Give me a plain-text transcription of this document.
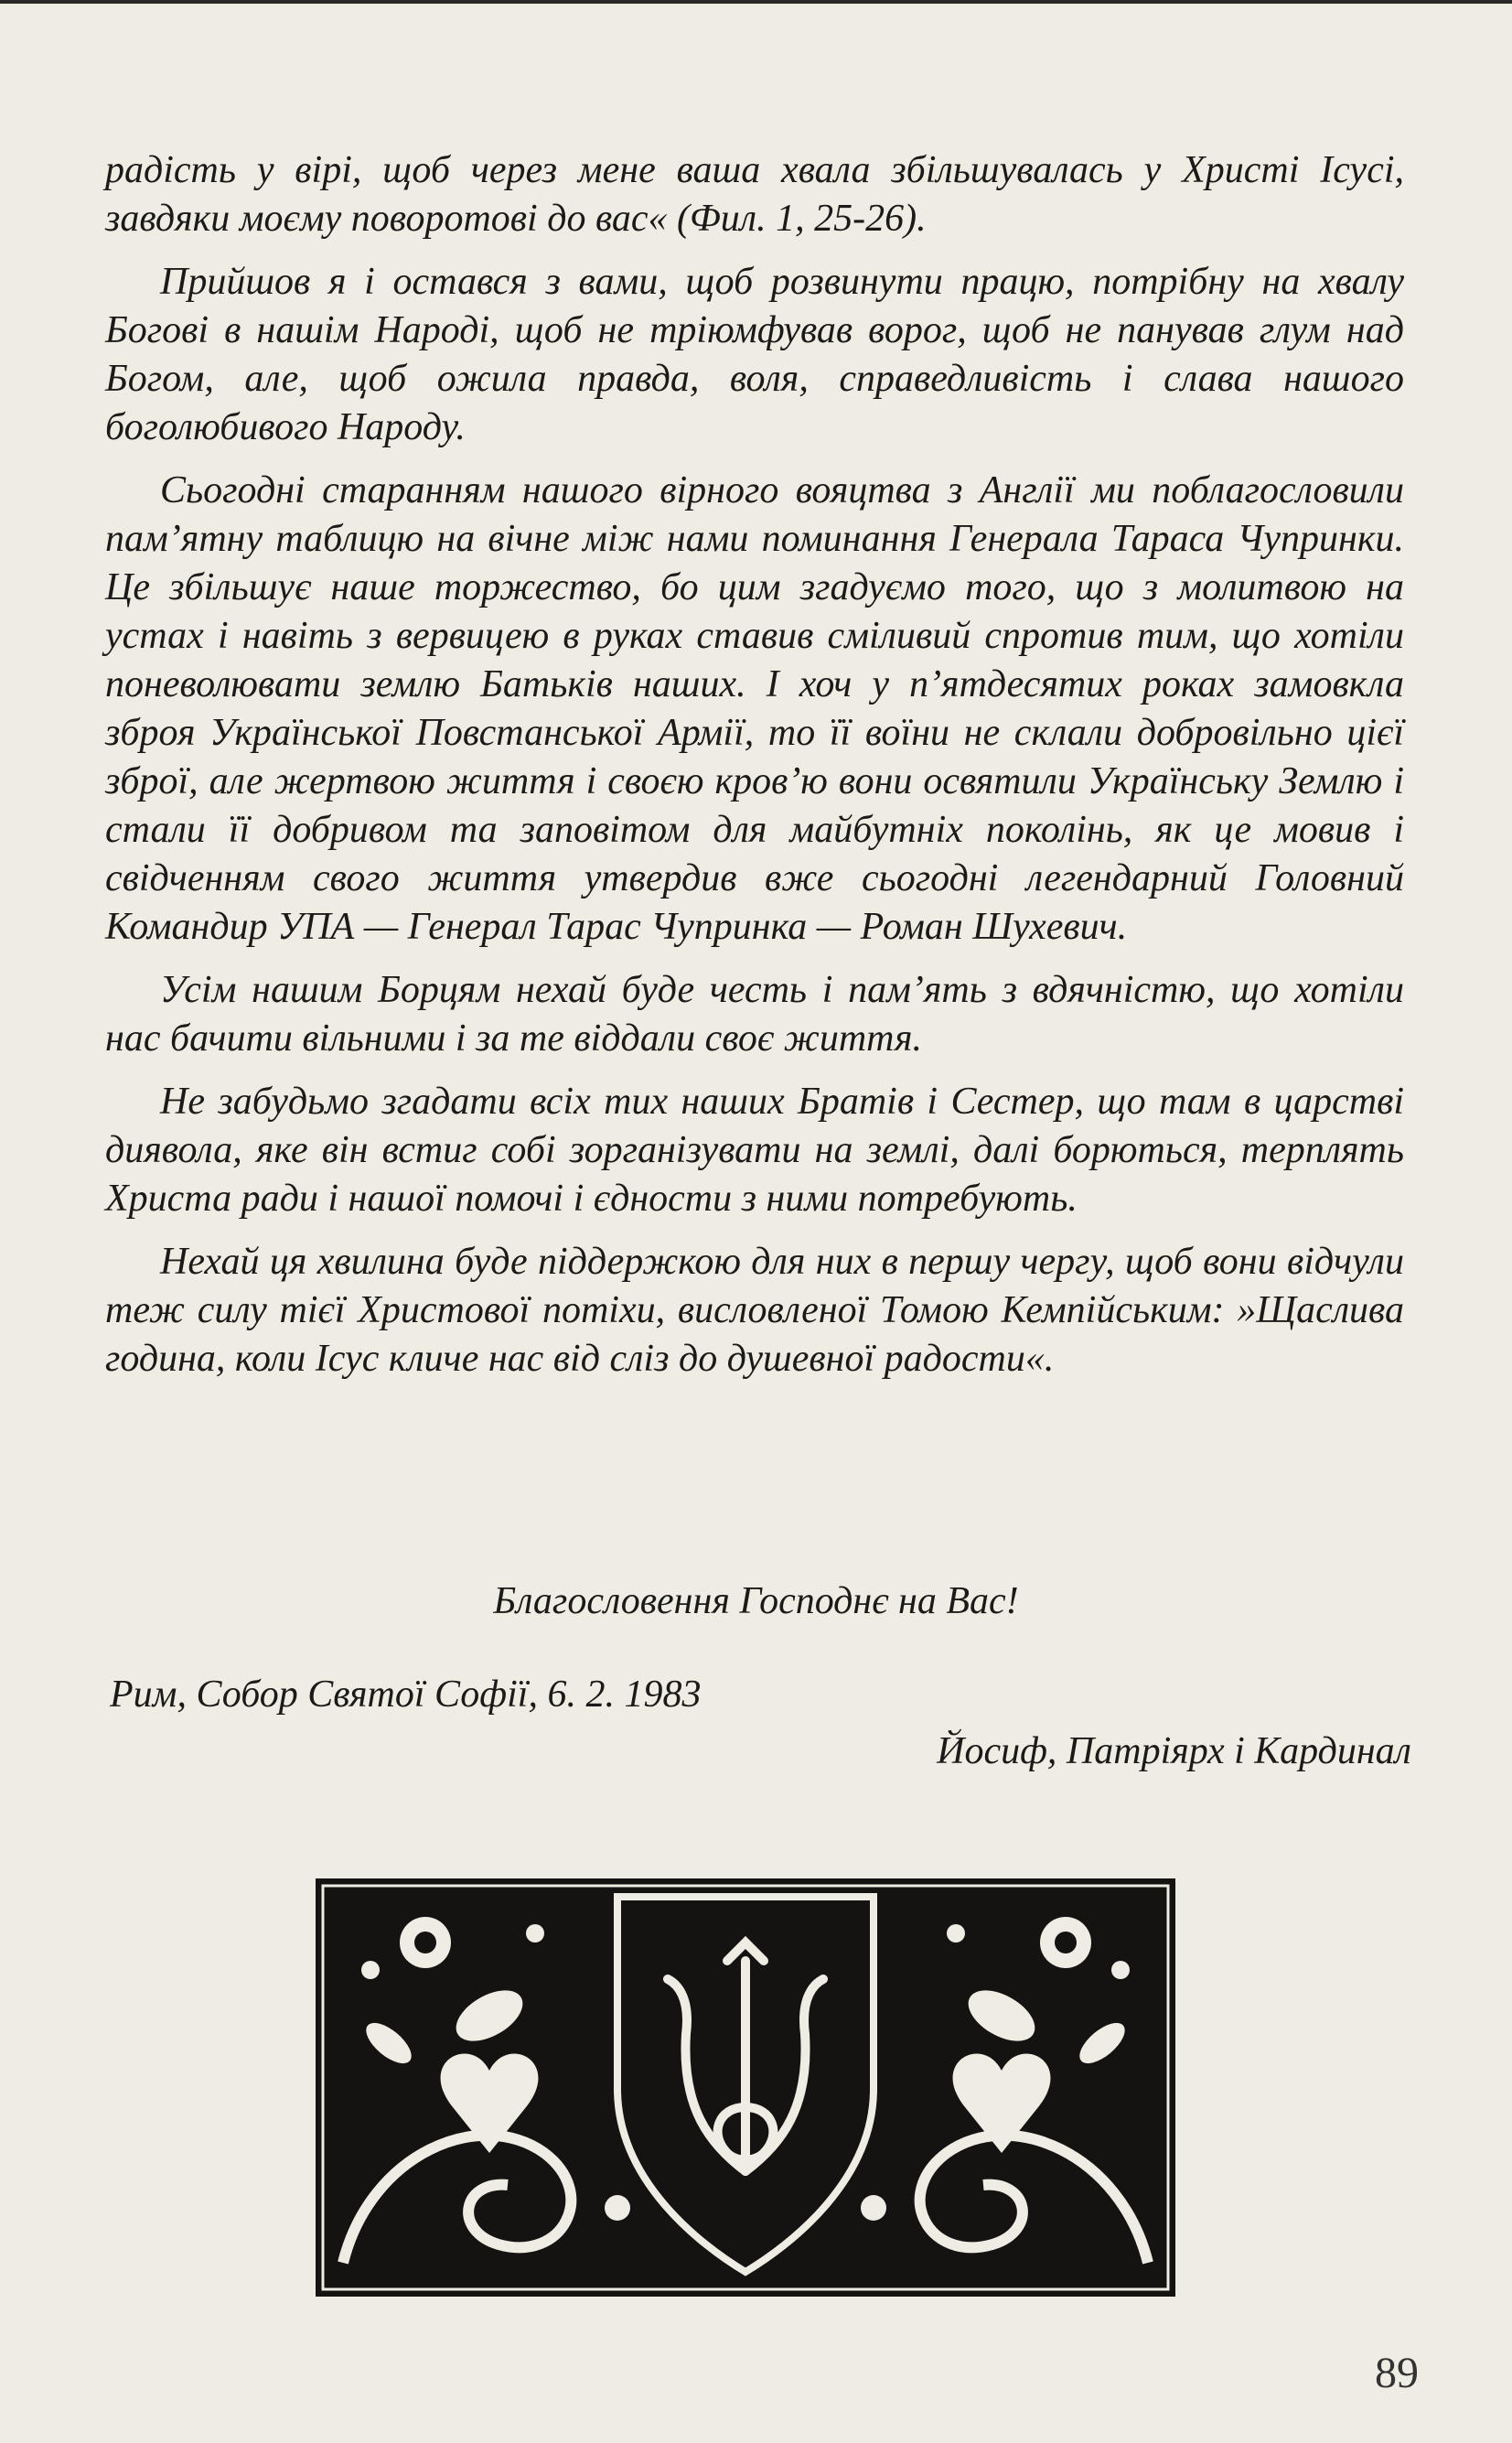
радість у вірі, щоб через мене ваша хвала збільшувалась у Христі Ісусі, завдяки моєму поворотові до вас« (Фил. 1, 25-26).

Прийшов я і остався з вами, щоб розвинути працю, потрібну на хвалу Богові в нашім Народі, щоб не тріюмфував ворог, щоб не панував глум над Богом, але, щоб ожила правда, воля, справедливість і слава нашого боголюбивого Народу.

Сьогодні старанням нашого вірного вояцтва з Англії ми поблагословили пам’ятну таблицю на вічне між нами поминання Генерала Тараса Чупринки. Це збільшує наше торжество, бо цим згадуємо того, що з молитвою на устах і навіть з вервицею в руках ставив сміливий спротив тим, що хотіли поневолювати землю Батьків наших. І хоч у п’ятдесятих роках замовкла зброя Української Повстанської Армії, то її воїни не склали добровільно цієї зброї, але жертвою життя і своєю кров’ю вони освятили Українську Землю і стали її добривом та заповітом для майбутніх поколінь, як це мовив і свідченням свого життя утвердив вже сьогодні легендарний Головний Командир УПА — Генерал Тарас Чупринка — Роман Шухевич.

Усім нашим Борцям нехай буде честь і пам’ять з вдячністю, що хотіли нас бачити вільними і за те віддали своє життя.

Не забудьмо згадати всіх тих наших Братів і Сестер, що там в царстві диявола, яке він встиг собі зорганізувати на землі, далі борються, терплять Христа ради і нашої помочі і єдности з ними потребують.

Нехай ця хвилина буде піддержкою для них в першу чергу, щоб вони відчули теж силу тієї Христової потіхи, висловленої Томою Кемпійським: »Щаслива година, коли Ісус кличе нас від сліз до душевної радости«.

Благословення Господнє на Вас!
Рим, Собор Святої Софії, 6. 2. 1983
Йосиф, Патріярх і Кардинал
89
